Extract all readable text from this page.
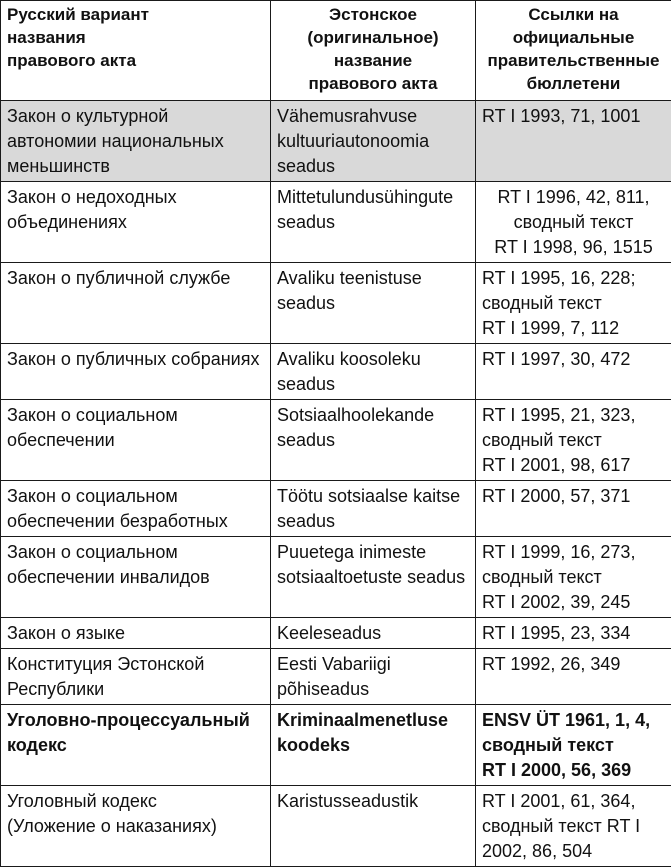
Русский вариант
названия
правового акта	Эстонское
(оригинальное)
название
правового акта	Ссылки на
официальные
правительственные
бюллетени

Закон о культурной
автономии национальных
меньшинств	Vähemusrahvuse
kultuuriautonoomia
seadus	RT I 1993, 71, 1001

Закон о недоходных
объединениях	Mittetulundusühingute
seadus	RT I 1996, 42, 811,
сводный текст
RT I 1998, 96, 1515

Закон о публичной службе	Avaliku teenistuse
seadus	RT I 1995, 16, 228;
сводный текст
RT I 1999, 7, 112

Закон о публичных собраниях	Avaliku koosoleku
seadus	RT I 1997, 30, 472

Закон о социальном
обеспечении	Sotsiaalhoolekande
seadus	RT I 1995, 21, 323,
сводный текст
RT I 2001, 98, 617

Закон о социальном
обеспечении безработных	Töötu sotsiaalse kaitse
seadus	RT I 2000, 57, 371

Закон о социальном
обеспечении инвалидов	Puuetega inimeste
sotsiaaltoetuste seadus	RT I 1999, 16, 273,
сводный текст
RT I 2002, 39, 245

Закон о языке	Keeleseadus	RT I 1995, 23, 334

Конституция Эстонской
Республики	Eesti Vabariigi
põhiseadus	RT 1992, 26, 349

Уголовно-процессуальный
кодекс	Kriminaalmenetluse
koodeks	ENSV ÜT 1961, 1, 4,
сводный текст
RT I 2000, 56, 369

Уголовный кодекс
(Уложение о наказаниях)	Karistusseadustik	RT I 2001, 61, 364,
сводный текст RT I
2002, 86, 504
